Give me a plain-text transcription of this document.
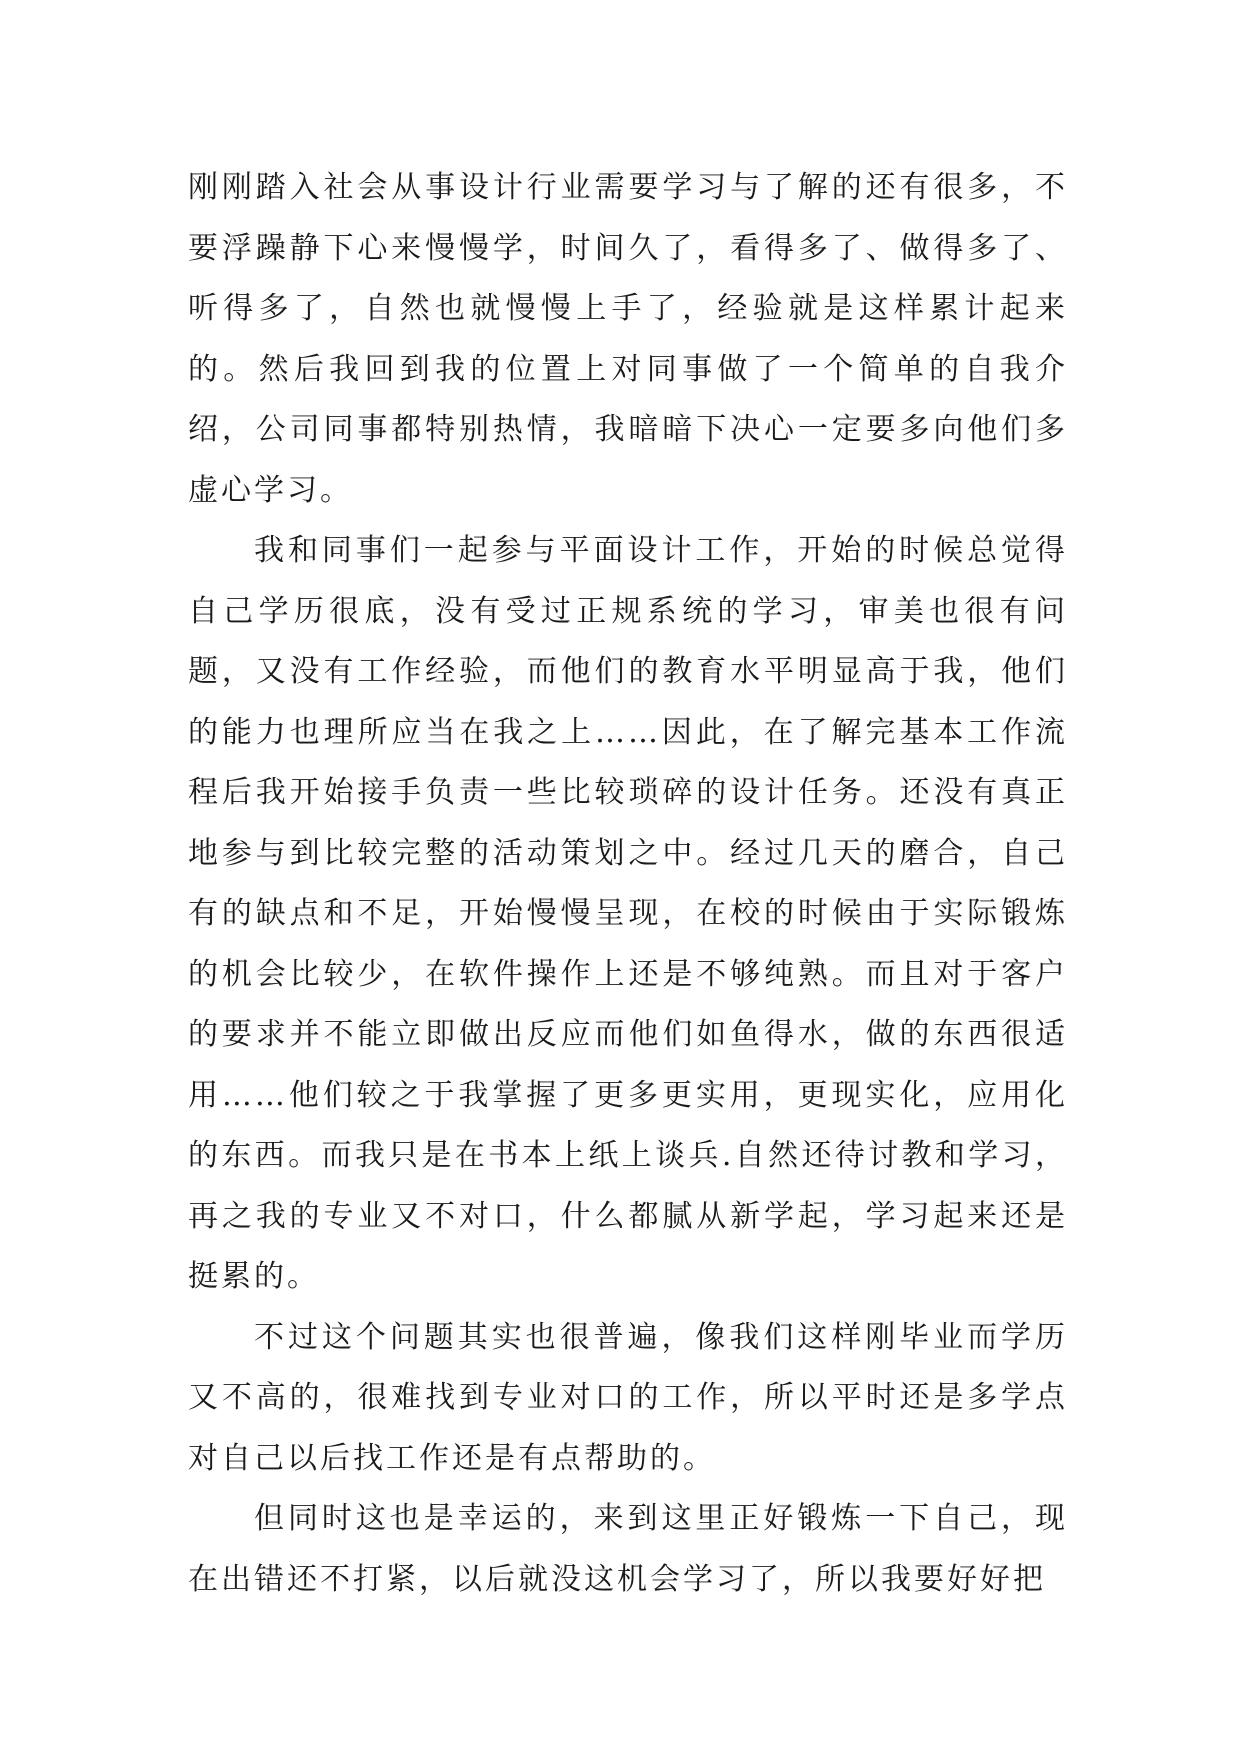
刚刚踏入社会从事设计行业需要学习与了解的还有很多，不要浮躁静下心来慢慢学，时间久了，看得多了、做得多了、听得多了，自然也就慢慢上手了，经验就是这样累计起来的。然后我回到我的位置上对同事做了一个简单的自我介绍，公司同事都特别热情，我暗暗下决心一定要多向他们多虚心学习。

我和同事们一起参与平面设计工作，开始的时候总觉得自己学历很底，没有受过正规系统的学习，审美也很有问题，又没有工作经验，而他们的教育水平明显高于我，他们的能力也理所应当在我之上……因此，在了解完基本工作流程后我开始接手负责一些比较琐碎的设计任务。还没有真正地参与到比较完整的活动策划之中。经过几天的磨合，自己有的缺点和不足，开始慢慢呈现，在校的时候由于实际锻炼的机会比较少，在软件操作上还是不够纯熟。而且对于客户的要求并不能立即做出反应而他们如鱼得水，做的东西很适用……他们较之于我掌握了更多更实用，更现实化，应用化的东西。而我只是在书本上纸上谈兵.自然还待讨教和学习，再之我的专业又不对口，什么都腻从新学起，学习起来还是挺累的。

不过这个问题其实也很普遍，像我们这样刚毕业而学历又不高的，很难找到专业对口的工作，所以平时还是多学点对自己以后找工作还是有点帮助的。

但同时这也是幸运的，来到这里正好锻炼一下自己，现在出错还不打紧，以后就没这机会学习了，所以我要好好把
